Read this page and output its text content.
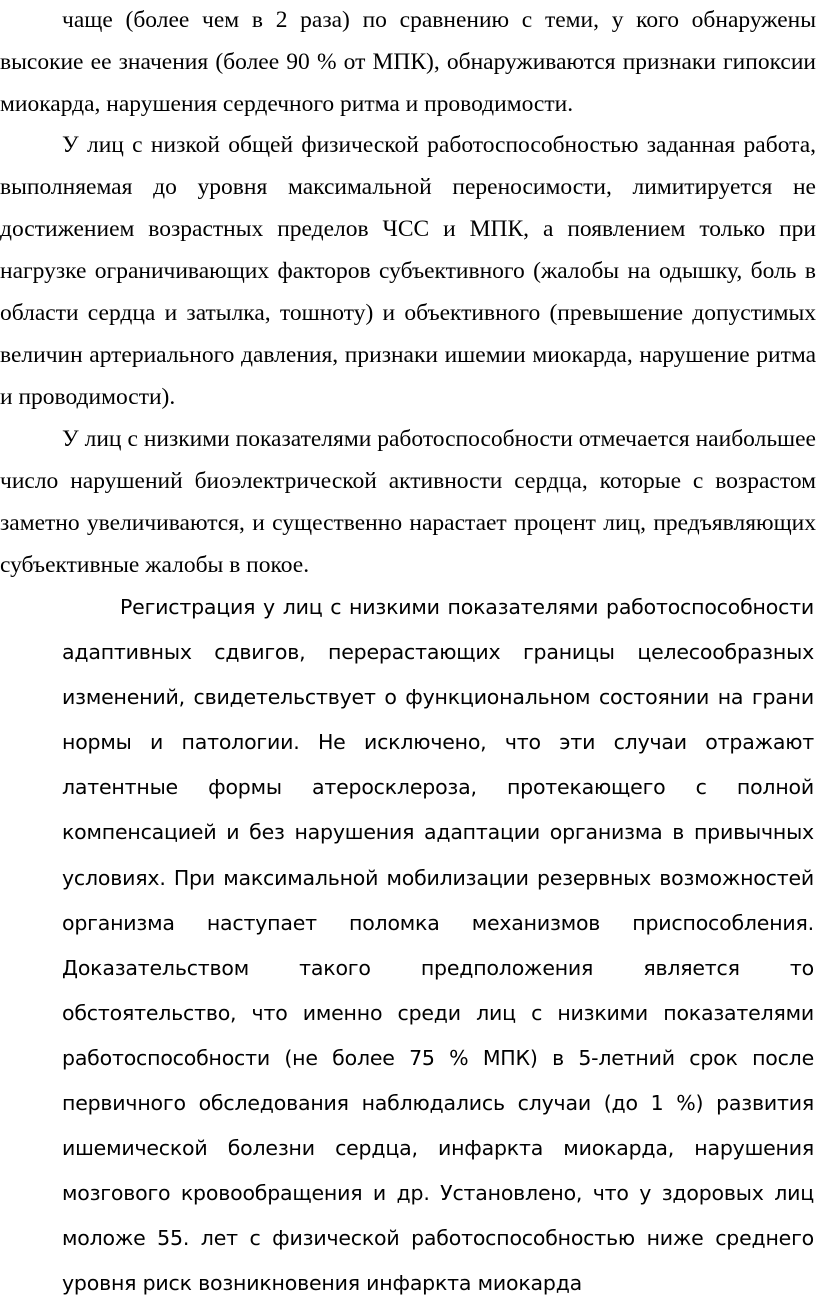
чаще (более чем в 2 раза) по сравнению с теми, у кого обнаружены высокие ее значения (более 90 % от МПК), обнаруживаются признаки гипоксии миокарда, нарушения сердечного ритма и проводимости.

У лиц с низкой общей физической работоспособностью заданная работа, выполняемая до уровня максимальной переносимости, лимитируется не достижением возрастных пределов ЧСС и МПК, а появлением только при нагрузке ограничивающих факторов субъективного (жалобы на одышку, боль в области сердца и затылка, тошноту) и объективного (превышение допустимых величин артериального давления, признаки ишемии миокарда, нарушение ритма и проводимости).

У лиц с низкими показателями работоспособности отмечается наибольшее число нарушений биоэлектрической активности сердца, которые с возрастом заметно увеличиваются, и существенно нарастает процент лиц, предъявляющих субъективные жалобы в покое.

Регистрация у лиц с низкими показателями работоспособности адаптивных сдвигов, перерастающих границы целесообразных изменений, свидетельствует о функциональном состоянии на грани нормы и патологии. Не исключено, что эти случаи отражают латентные формы атеросклероза, протекающего с полной компенсацией и без нарушения адаптации организма в привычных условиях. При максимальной мобилизации резервных возможностей организма наступает поломка механизмов приспособления. Доказательством такого предположения является то обстоятельство, что именно среди лиц с низкими показателями работоспособности (не более 75 % МПК) в 5-летний срок после первичного обследования наблюдались случаи (до 1 %) развития ишемической болезни сердца, инфаркта миокарда, нарушения мозгового кровообращения и др. Установлено, что у здоровых лиц моложе 55. лет с физической работоспособностью ниже среднего уровня риск возникновения инфаркта миокарда
